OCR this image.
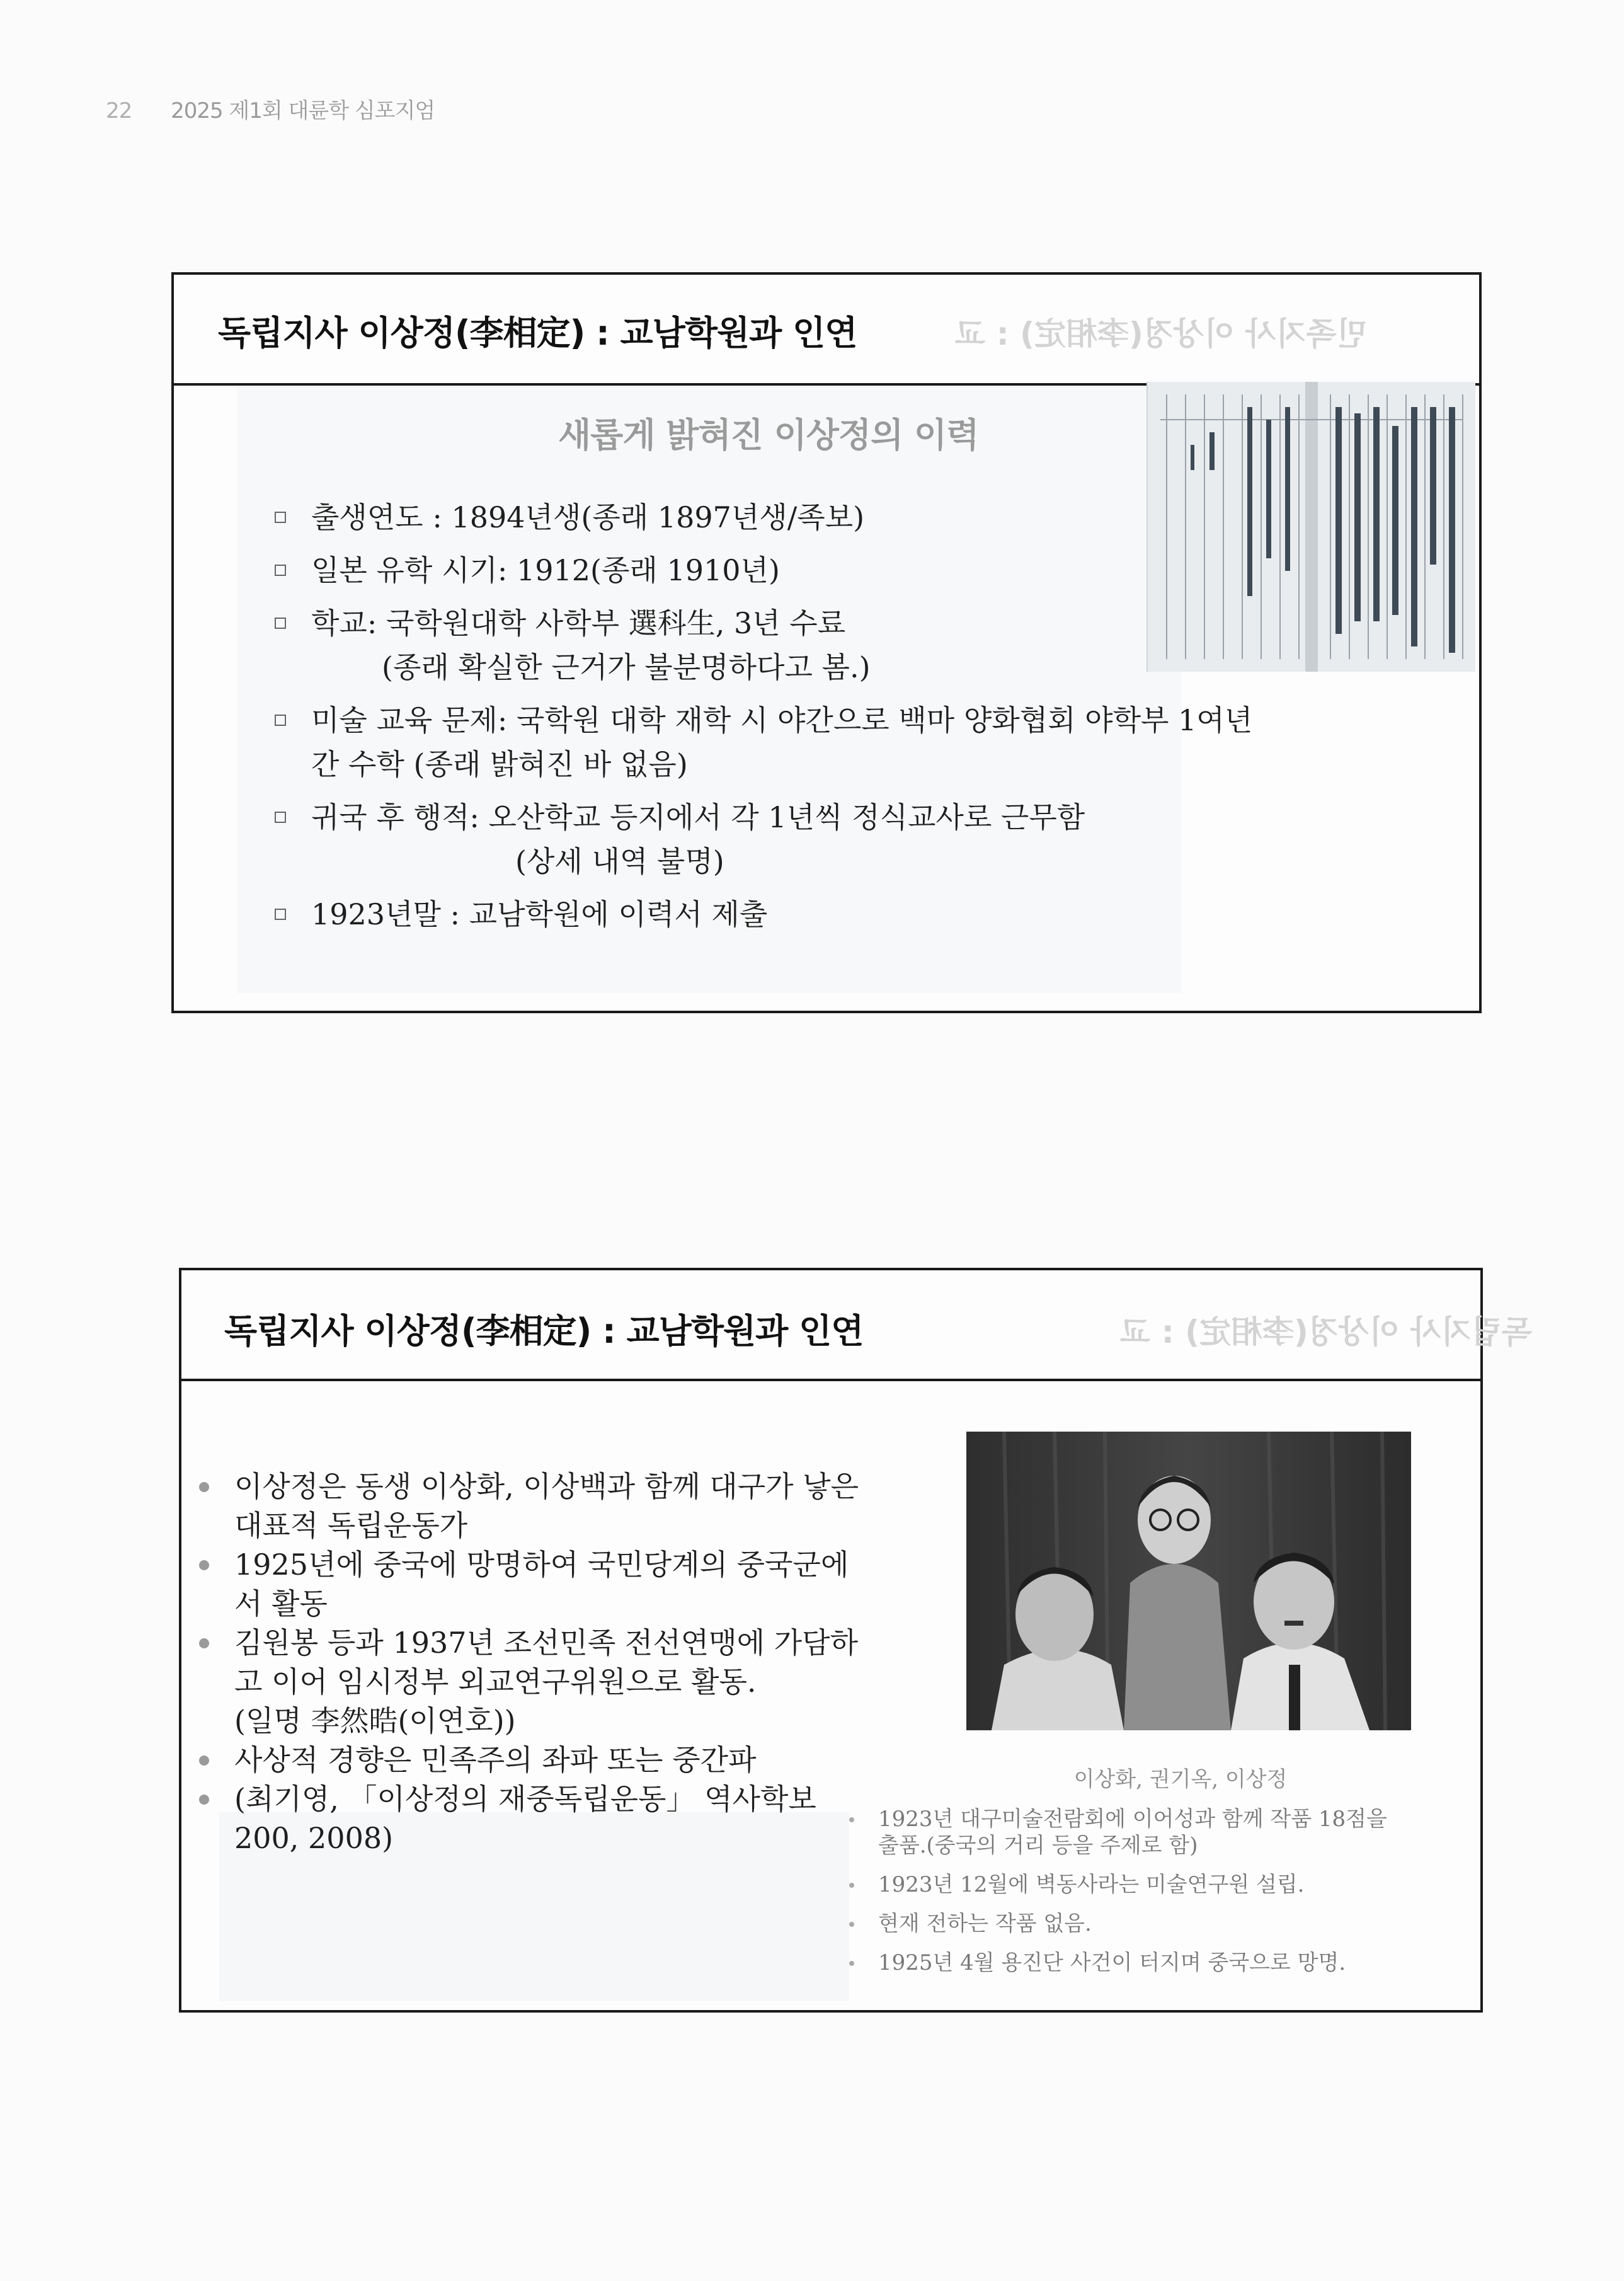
22 2025 제1회 대륜학 심포지엄
민족지사 이상정(李相定) : 교
독립지사 이상정(李相定) : 교남학원과 인연
새롭게 밝혀진 이상정의 이력
출생연도 : 1894년생(종래 1897년생/족보)
일본 유학 시기: 1912(종래 1910년)
학교: 국학원대학 사학부 選科生, 3년 수료
(종래 확실한 근거가 불분명하다고 봄.)
미술 교육 문제: 국학원 대학 재학 시 야간으로 백마 양화협회 야학부 1여년
간 수학 (종래 밝혀진 바 없음)
귀국 후 행적: 오산학교 등지에서 각 1년씩 정식교사로 근무함
(상세 내역 불명)
1923년말 : 교남학원에 이력서 제출
독립지사 이상정(李相定) : 교
독립지사 이상정(李相定) : 교남학원과 인연
이상정은 동생 이상화, 이상백과 함께 대구가 낳은
대표적 독립운동가
1925년에 중국에 망명하여 국민당계의 중국군에
서 활동
김원봉 등과 1937년 조선민족 전선연맹에 가담하
고 이어 임시정부 외교연구위원으로 활동.
(일명 李然晧(이연호))
사상적 경향은 민족주의 좌파 또는 중간파
(최기영, 「이상정의 재중독립운동」 역사학보
200, 2008)
이상화, 권기옥, 이상정
1923년 대구미술전람회에 이어성과 함께 작품 18점을
출품.(중국의 거리 등을 주제로 함)
1923년 12월에 벽동사라는 미술연구원 설립.
현재 전하는 작품 없음.
1925년 4월 용진단 사건이 터지며 중국으로 망명.
